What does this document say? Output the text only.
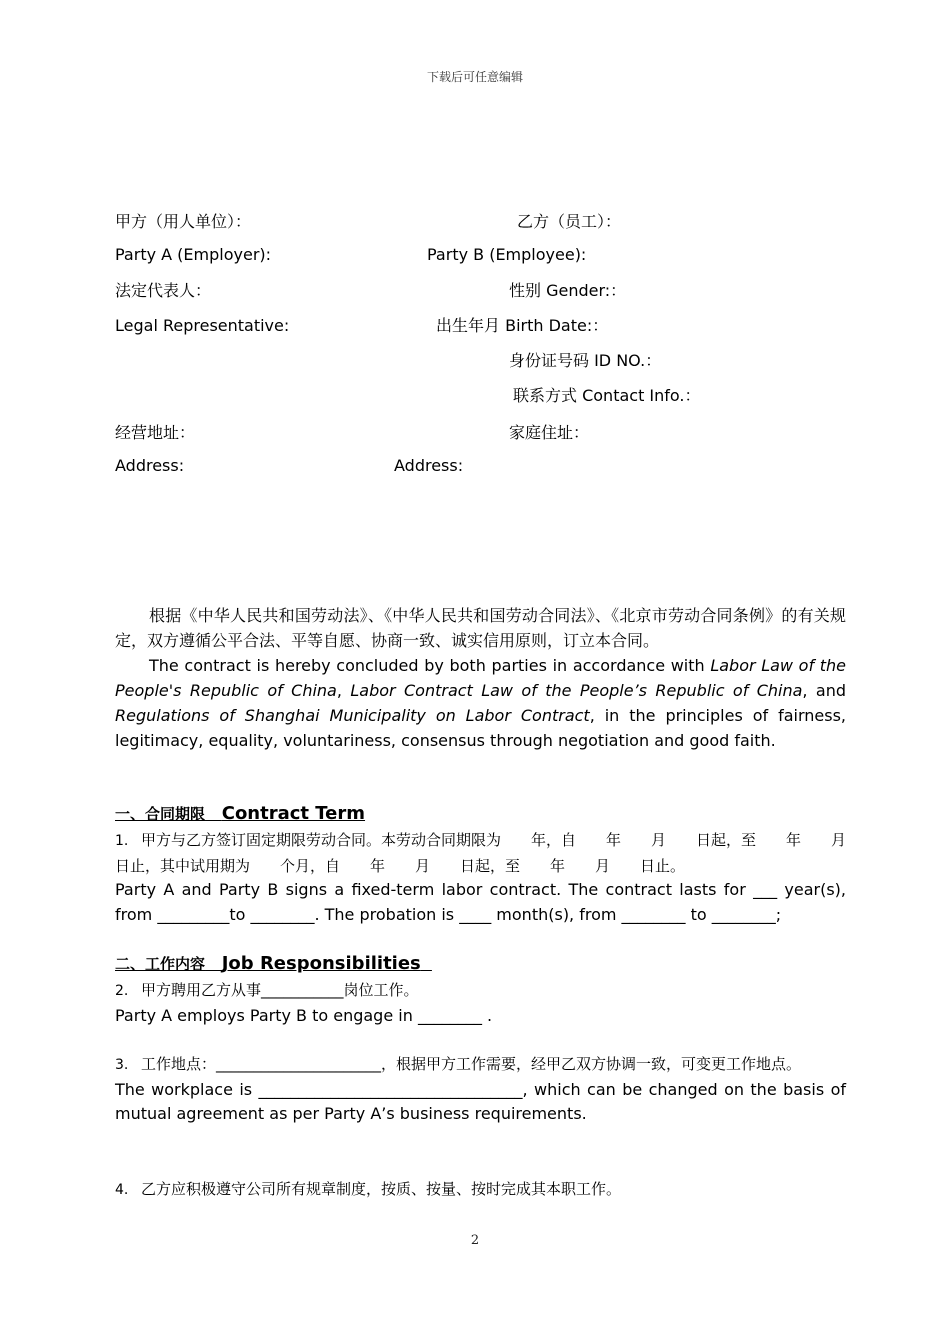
下载后可任意编辑
甲方（用人单位）：	乙方（员工）：
Party A (Employer):	Party B (Employee):
法定代表人：	性别 Gender:：
Legal Representative:	出生年月 Birth Date:：
身份证号码 ID NO.：
联系方式 Contact Info.：
经营地址：	家庭住址：
Address:	Address:
根据《中华人民共和国劳动法》、《中华人民共和国劳动合同法》、《北京市劳动合同条例》的有关规定，双方遵循公平合法、平等自愿、协商一致、诚实信用原则，订立本合同。
The contract is hereby concluded by both parties in accordance with Labor Law of the People's Republic of China, Labor Contract Law of the People’s Republic of China, and Regulations of Shanghai Municipality on Labor Contract, in the principles of fairness, legitimacy, equality, voluntariness, consensus through negotiation and good faith.
一、合同期限 Contract Term
1. 甲方与乙方签订固定期限劳动合同。本劳动合同期限为　　年，自　　年　　月　　日起，至　　年　　月　　日止，其中试用期为　　个月，自　　年　　月　　日起，至　　年　　月　　日止。
Party A and Party B signs a fixed-term labor contract. The contract lasts for ___ year(s), from _________to ________. The probation is ____ month(s), from ________ to ________;
二、工作内容 Job Responsibilities
2. 甲方聘用乙方从事___________岗位工作。
Party A employs Party B to engage in ________ .
3. 工作地点：______________________，根据甲方工作需要，经甲乙双方协调一致，可变更工作地点。
The workplace is _________________________________, which can be changed on the basis of mutual agreement as per Party A’s business requirements.
4. 乙方应积极遵守公司所有规章制度，按质、按量、按时完成其本职工作。
2
